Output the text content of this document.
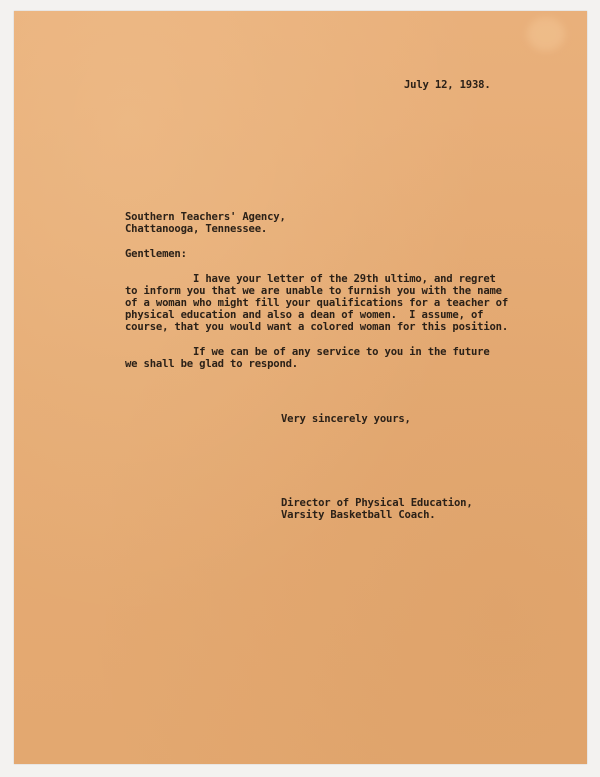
July 12, 1938.
Southern Teachers' Agency,
Chattanooga, Tennessee.
Gentlemen:
I have your letter of the 29th ultimo, and regret
to inform you that we are unable to furnish you with the name
of a woman who might fill your qualifications for a teacher of
physical education and also a dean of women.  I assume, of
course, that you would want a colored woman for this position.
If we can be of any service to you in the future
we shall be glad to respond.
Very sincerely yours,
Director of Physical Education,
Varsity Basketball Coach.
